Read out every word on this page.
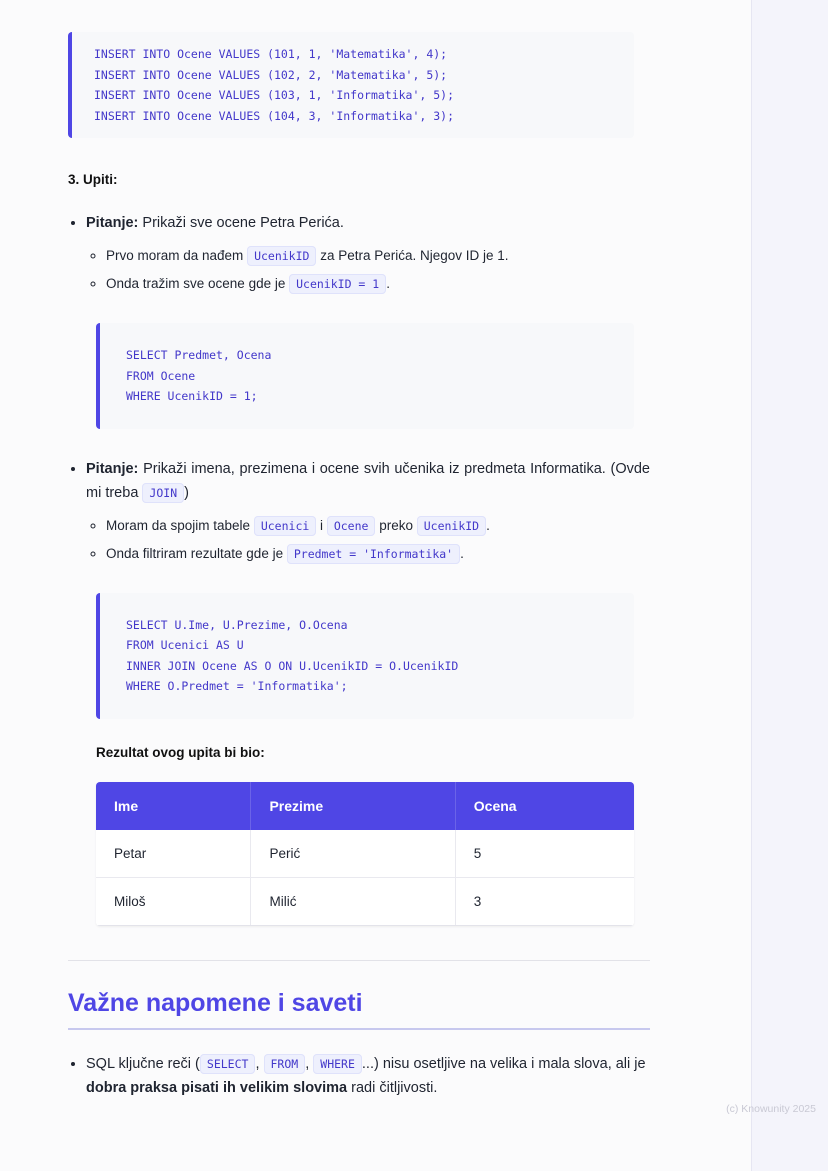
INSERT INTO Ocene VALUES (101, 1, 'Matematika', 4);
INSERT INTO Ocene VALUES (102, 2, 'Matematika', 5);
INSERT INTO Ocene VALUES (103, 1, 'Informatika', 5);
INSERT INTO Ocene VALUES (104, 3, 'Informatika', 3);
3. Upiti:
• Pitanje: Prikaži sve ocene Petra Perića.
◦ Prvo moram da nađem UcenikID za Petra Perića. Njegov ID je 1.
◦ Onda tražim sve ocene gde je UcenikID = 1 .
SELECT Predmet, Ocena
FROM Ocene
WHERE UcenikID = 1;
• Pitanje: Prikaži imena, prezimena i ocene svih učenika iz predmeta Informatika. (Ovde mi treba JOIN )
◦ Moram da spojim tabele Ucenici i Ocene preko UcenikID .
◦ Onda filtriram rezultate gde je Predmet = 'Informatika' .
SELECT U.Ime, U.Prezime, O.Ocena
FROM Ucenici AS U
INNER JOIN Ocene AS O ON U.UcenikID = O.UcenikID
WHERE O.Predmet = 'Informatika';
Rezultat ovog upita bi bio:
Ime	Prezime	Ocena
Petar	Perić	5
Miloš	Milić	3
Važne napomene i saveti
• SQL ključne reči ( SELECT , FROM , WHERE ...) nisu osetljive na velika i mala slova, ali je dobra praksa pisati ih velikim slovima radi čitljivosti.
(c) Knowunity 2025
